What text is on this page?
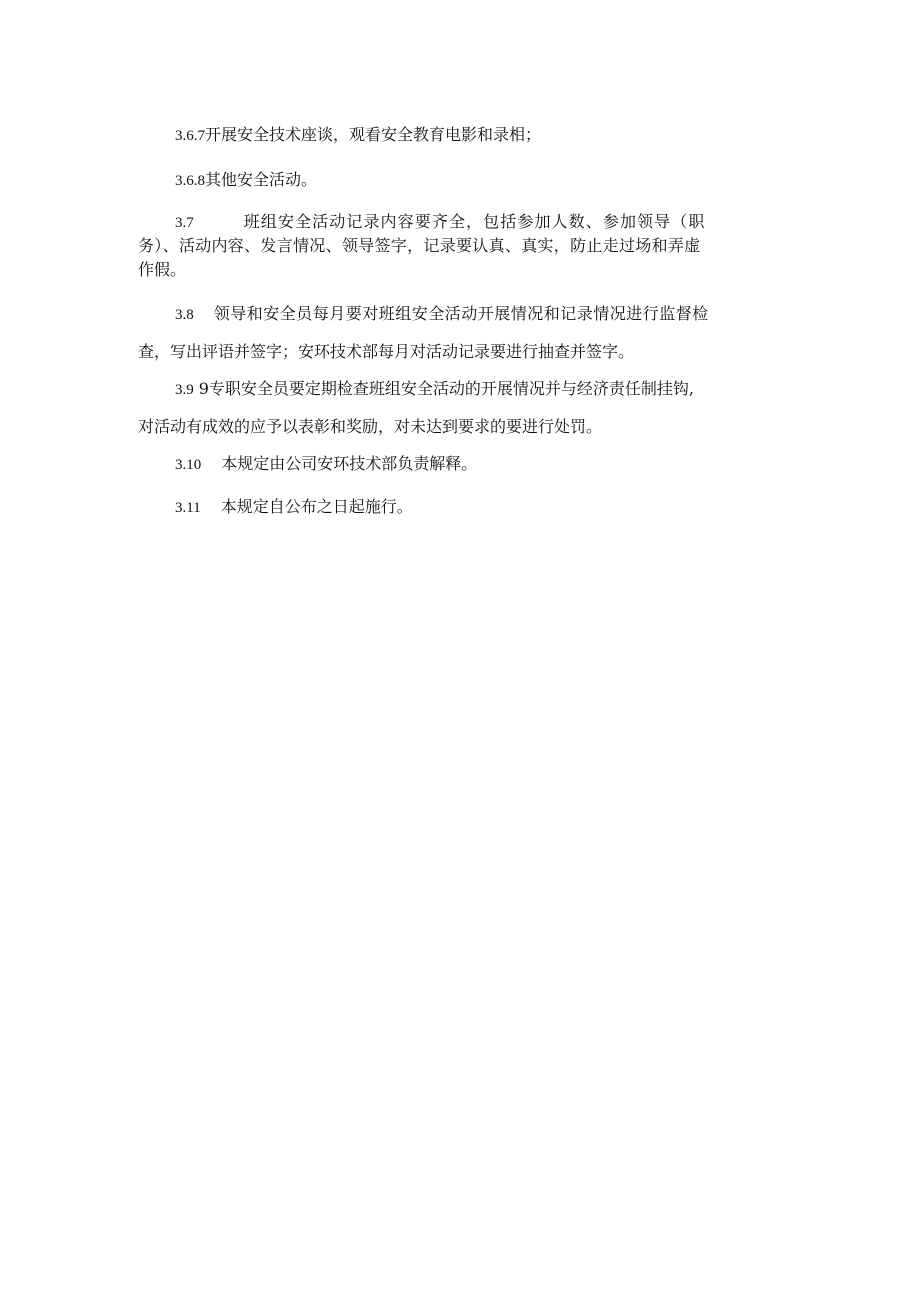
3.6.7开展安全技术座谈，观看安全教育电影和录相；

3.6.8其他安全活动。

3.7	班组安全活动记录内容要齐全，包括参加人数、参加领导（职
务）、活动内容、发言情况、领导签字，记录要认真、真实，防止走过场和弄虚
作假。

3.8 领导和安全员每月要对班组安全活动开展情况和记录情况进行监督检
查，写出评语并签字；安环技术部每月对活动记录要进行抽查并签字。

3.9 9专职安全员要定期检查班组安全活动的开展情况并与经济责任制挂钩,
对活动有成效的应予以表彰和奖励，对未达到要求的要进行处罚。

3.10 本规定由公司安环技术部负责解释。

3.11 本规定自公布之日起施行。
